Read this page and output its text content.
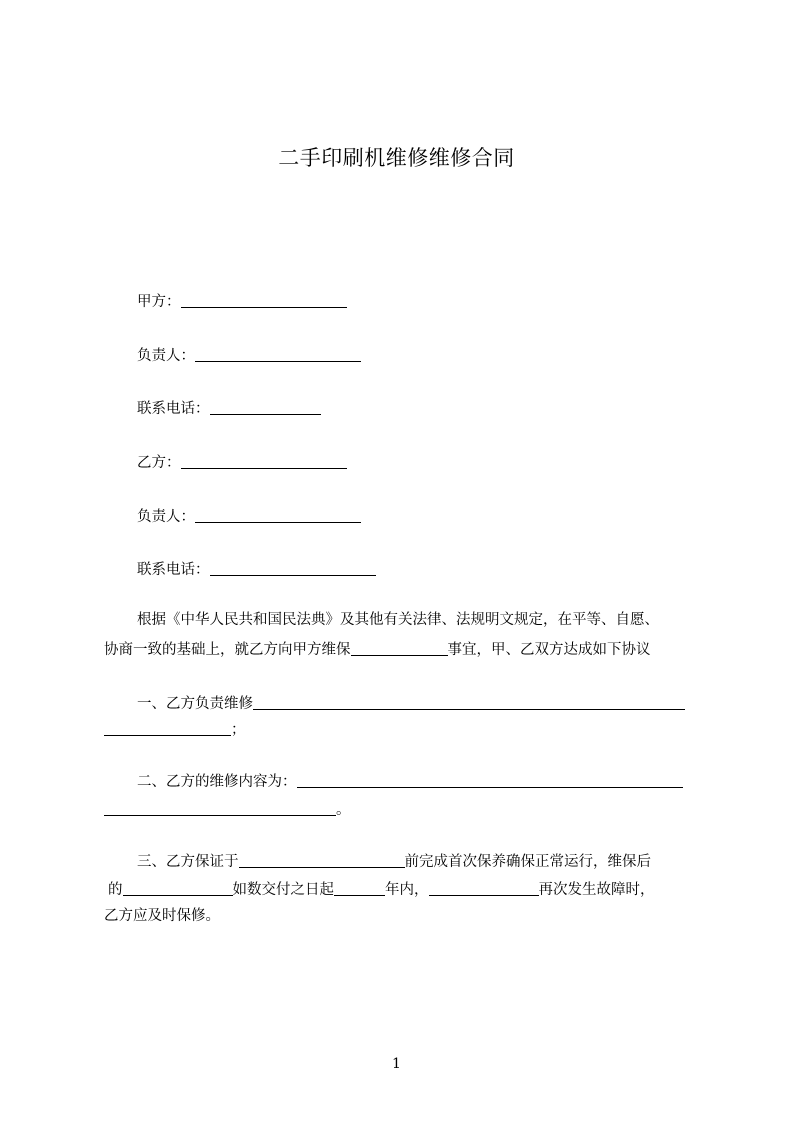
二手印刷机维修维修合同
甲方：
负责人：
联系电话：
乙方：
负责人：
联系电话：
根据《中华人民共和国民法典》及其他有关法律、法规明文规定，在平等、自愿、
协商一致的基础上，就乙方向甲方维保	事宜，甲、乙双方达成如下协议
一、乙方负责维修
；
二、乙方的维修内容为：
。
三、乙方保证于	前完成首次保养确保正常运行，维保后
的	如数交付之日起	年内，	再次发生故障时，
乙方应及时保修。
1
